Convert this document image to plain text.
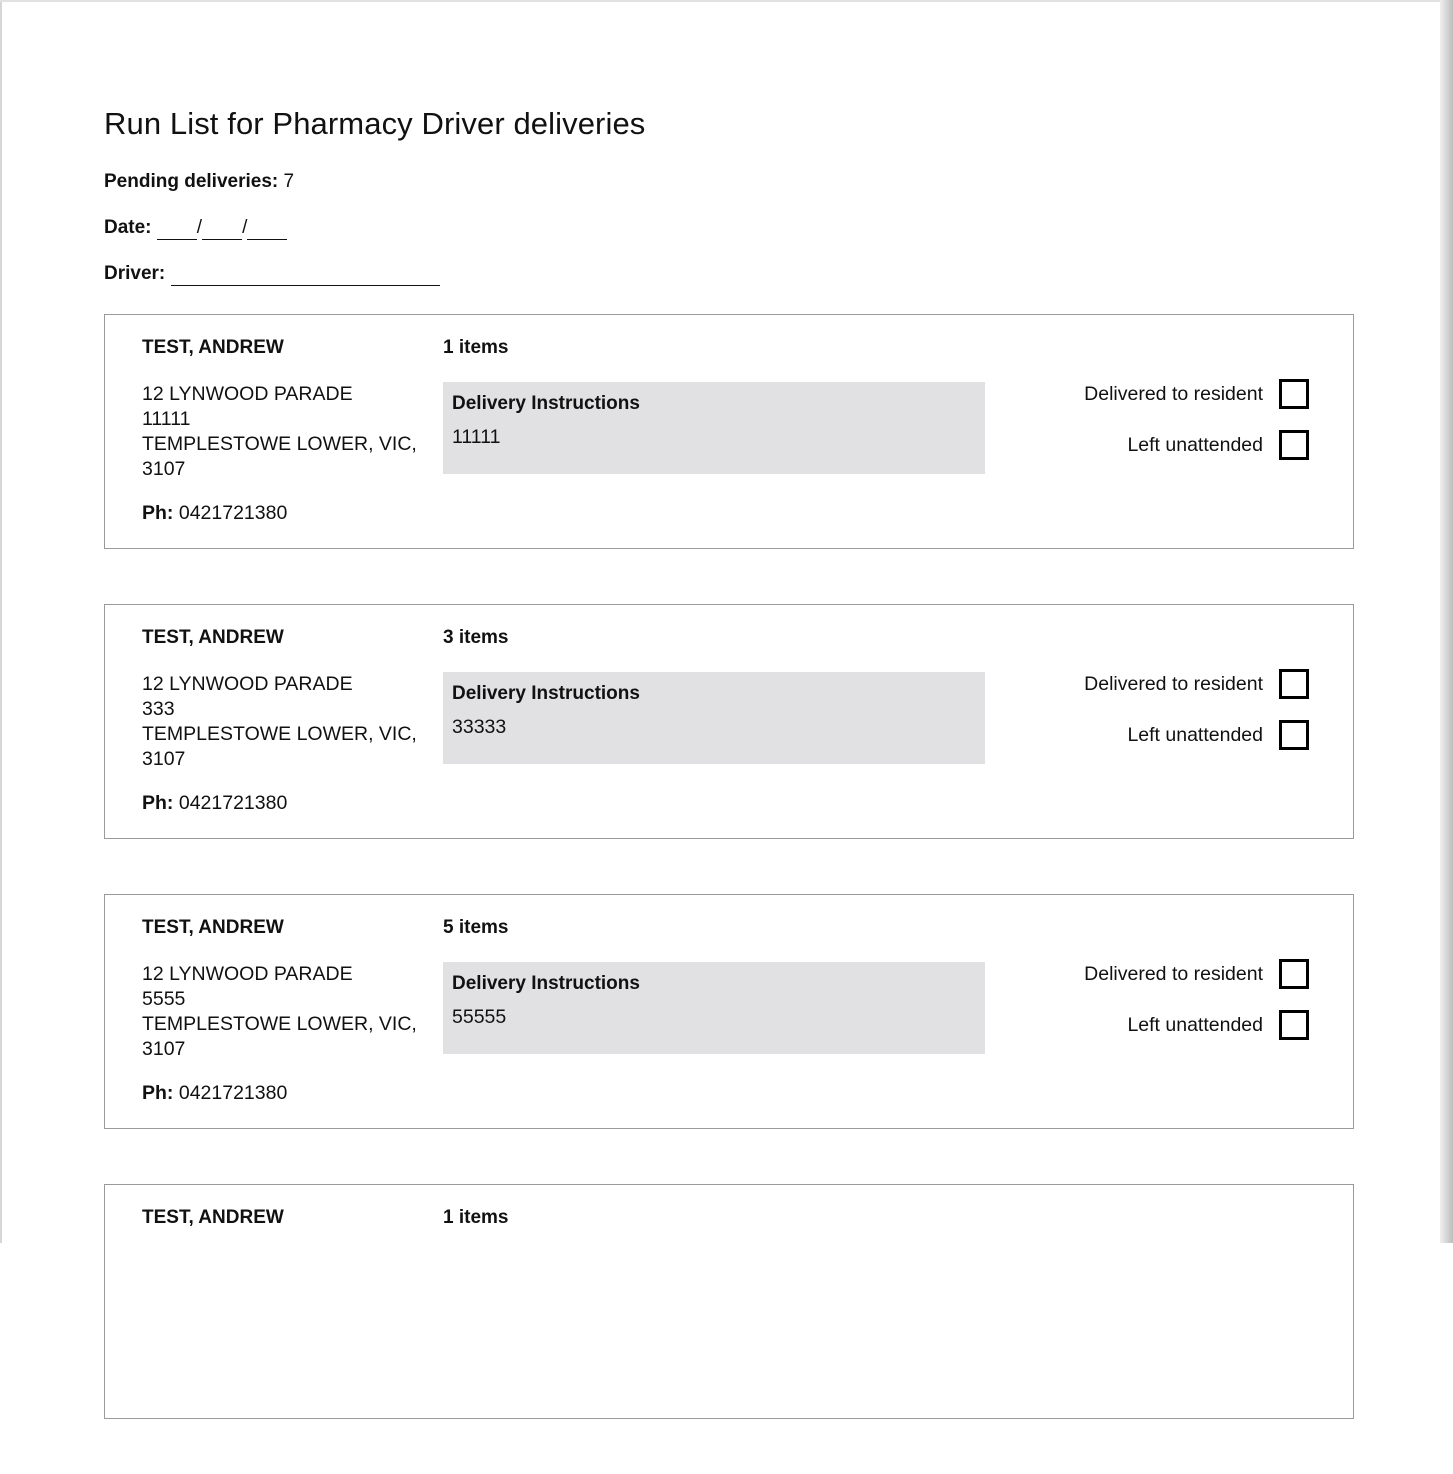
Run List for Pharmacy Driver deliveries
Pending deliveries: 7
Date: / /
Driver:
TEST, ANDREW	1 items
12 LYNWOOD PARADE
11111
TEMPLESTOWE LOWER, VIC,
3107
Ph: 0421721380
Delivery Instructions
11111
Delivered to resident
Left unattended
TEST, ANDREW	3 items
12 LYNWOOD PARADE
333
TEMPLESTOWE LOWER, VIC,
3107
Ph: 0421721380
Delivery Instructions
33333
Delivered to resident
Left unattended
TEST, ANDREW	5 items
12 LYNWOOD PARADE
5555
TEMPLESTOWE LOWER, VIC,
3107
Ph: 0421721380
Delivery Instructions
55555
Delivered to resident
Left unattended
TEST, ANDREW	1 items
